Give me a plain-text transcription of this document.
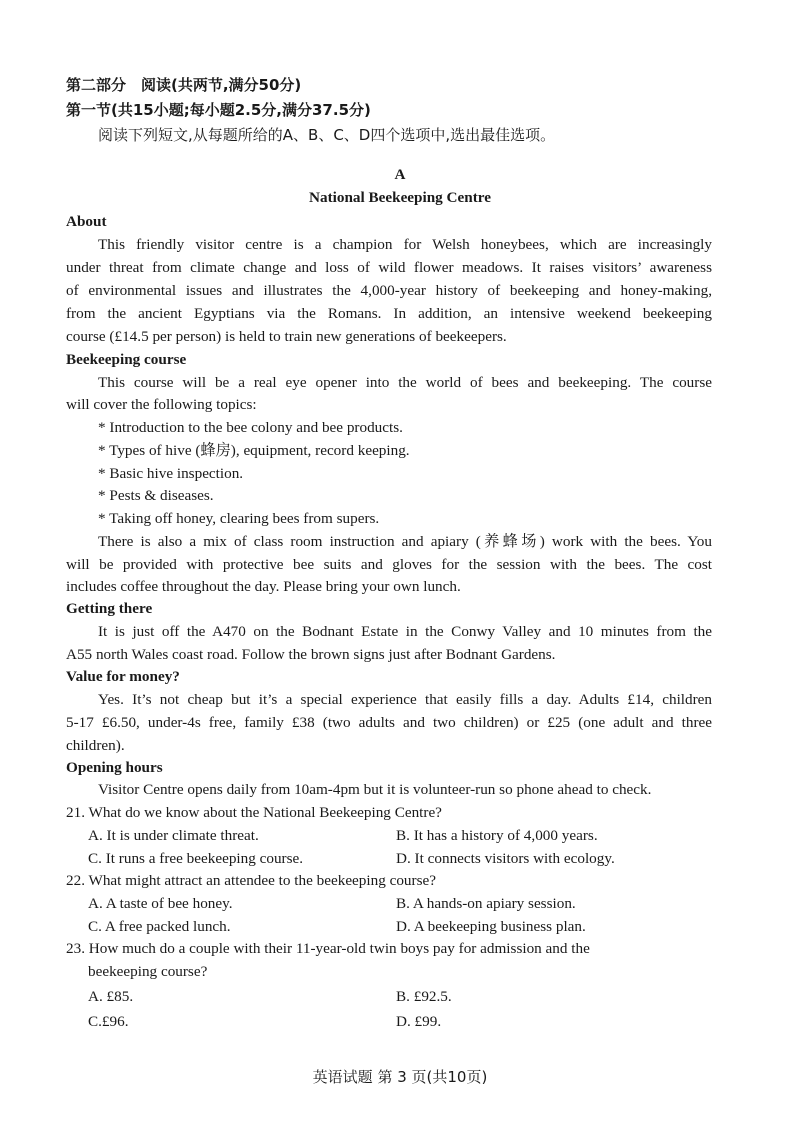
第二部分　阅读(共两节,满分50分)
第一节(共15小题;每小题2.5分,满分37.5分)
阅读下列短文,从每题所给的A、B、C、D四个选项中,选出最佳选项。
A
National Beekeeping Centre
About
This friendly visitor centre is a champion for Welsh honeybees, which are increasingly
under threat from climate change and loss of wild flower meadows. It raises visitors’ awareness
of environmental issues and illustrates the 4,000-year history of beekeeping and honey-making,
from the ancient Egyptians via the Romans. In addition, an intensive weekend beekeeping
course (£14.5 per person) is held to train new generations of beekeepers.
Beekeeping course
This course will be a real eye opener into the world of bees and beekeeping. The course
will cover the following topics:
* Introduction to the bee colony and bee products.
* Types of hive (蜂房), equipment, record keeping.
* Basic hive inspection.
* Pests & diseases.
* Taking off honey, clearing bees from supers.
There is also a mix of class room instruction and apiary (养蜂场) work with the bees. You
will be provided with protective bee suits and gloves for the session with the bees. The cost
includes coffee throughout the day. Please bring your own lunch.
Getting there
It is just off the A470 on the Bodnant Estate in the Conwy Valley and 10 minutes from the
A55 north Wales coast road. Follow the brown signs just after Bodnant Gardens.
Value for money?
Yes. It’s not cheap but it’s a special experience that easily fills a day. Adults £14, children
5-17 £6.50, under-4s free, family £38 (two adults and two children) or £25 (one adult and three
children).
Opening hours
Visitor Centre opens daily from 10am-4pm but it is volunteer-run so phone ahead to check.
21. What do we know about the National Beekeeping Centre?
A. It is under climate threat.	B. It has a history of 4,000 years.
C. It runs a free beekeeping course.	D. It connects visitors with ecology.
22. What might attract an attendee to the beekeeping course?
A. A taste of bee honey.	B. A hands-on apiary session.
C. A free packed lunch.	D. A beekeeping business plan.
23. How much do a couple with their 11-year-old twin boys pay for admission and the
beekeeping course?
A. £85.	B. £92.5.
C.£96.	D. £99.
英语试题 第 3 页(共10页)
